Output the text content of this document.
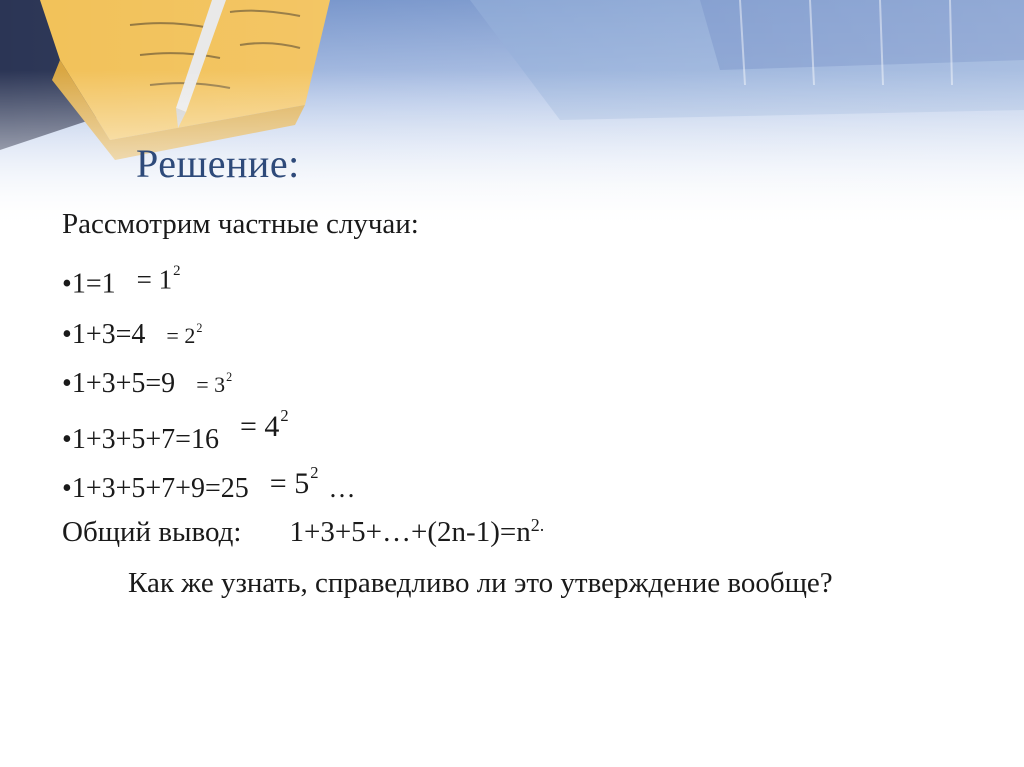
Решение:
Рассмотрим частные случаи:
•1=1 = $1^2$
•1+3=4 = $2^2$
•1+3+5=9 = $3^2$
•1+3+5+7=16 = $4^2$
•1+3+5+7+9=25 = $5^2\dots$
Общий вывод: $1+3+5+\dots+(2n-1)=n^{2.}$
Как же узнать, справедливо ли это утверждение вообще?
